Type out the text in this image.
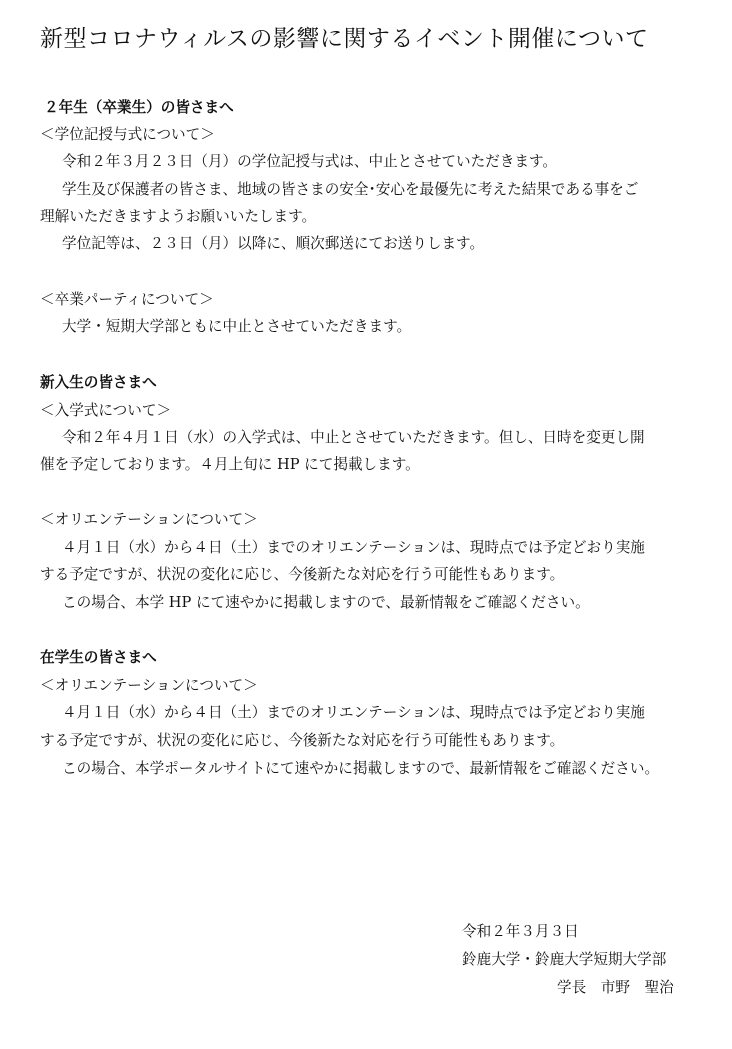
新型コロナウィルスの影響に関するイベント開催について
２年生（卒業生）の皆さまへ
＜学位記授与式について＞
令和２年３月２３日（月）の学位記授与式は、中止とさせていただきます。
学生及び保護者の皆さま、地域の皆さまの安全･安心を最優先に考えた結果である事をご
理解いただきますようお願いいたします。
学位記等は、２３日（月）以降に、順次郵送にてお送りします。
＜卒業パーティについて＞
大学・短期大学部ともに中止とさせていただきます。
新入生の皆さまへ
＜入学式について＞
令和２年４月１日（水）の入学式は、中止とさせていただきます。但し、日時を変更し開
催を予定しております。４月上旬に HP にて掲載します。
＜オリエンテーションについて＞
４月１日（水）から４日（土）までのオリエンテーションは、現時点では予定どおり実施
する予定ですが、状況の変化に応じ、今後新たな対応を行う可能性もあります。
この場合、本学 HP にて速やかに掲載しますので、最新情報をご確認ください。
在学生の皆さまへ
＜オリエンテーションについて＞
４月１日（水）から４日（土）までのオリエンテーションは、現時点では予定どおり実施
する予定ですが、状況の変化に応じ、今後新たな対応を行う可能性もあります。
この場合、本学ポータルサイトにて速やかに掲載しますので、最新情報をご確認ください。
令和２年３月３日
鈴鹿大学・鈴鹿大学短期大学部
学長　市野　聖治
